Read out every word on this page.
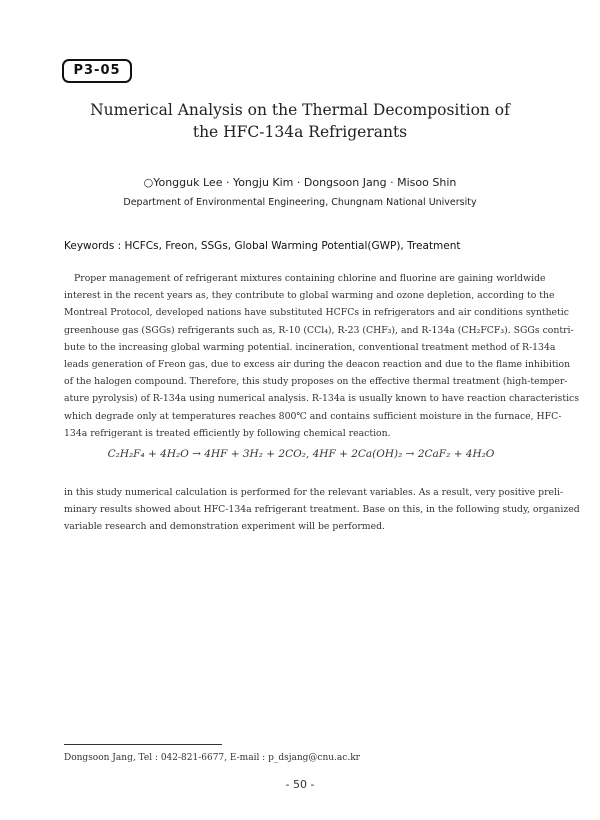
P3-05
Numerical Analysis on the Thermal Decomposition of
the HFC-134a Refrigerants
○Yongguk Lee · Yongju Kim · Dongsoon Jang · Misoo Shin
Department of Environmental Engineering, Chungnam National University
Keywords : HCFCs, Freon, SSGs, Global Warming Potential(GWP), Treatment
Proper management of refrigerant mixtures containing chlorine and fluorine are gaining worldwide
interest in the recent years as, they contribute to global warming and ozone depletion, according to the
Montreal Protocol, developed nations have substituted HCFCs in refrigerators and air conditions synthetic
greenhouse gas (SGGs) refrigerants such as, R-10 (CCl₄), R-23 (CHF₃), and R-134a (CH₂FCF₃). SGGs contri-
bute to the increasing global warming potential. incineration, conventional treatment method of R-134a
leads generation of Freon gas, due to excess air during the deacon reaction and due to the flame inhibition
of the halogen compound. Therefore, this study proposes on the effective thermal treatment (high-temper-
ature pyrolysis) of R-134a using numerical analysis. R-134a is usually known to have reaction characteristics
which degrade only at temperatures reaches 800℃ and contains sufficient moisture in the furnace, HFC-
134a refrigerant is treated efficiently by following chemical reaction.
C₂H₂F₄ + 4H₂O → 4HF + 3H₂ + 2CO₂, 4HF + 2Ca(OH)₂ → 2CaF₂ + 4H₂O
in this study numerical calculation is performed for the relevant variables. As a result, very positive preli-
minary results showed about HFC-134a refrigerant treatment. Base on this, in the following study, organized
variable research and demonstration experiment will be performed.
Dongsoon Jang, Tel : 042-821-6677, E-mail : p_dsjang@cnu.ac.kr
- 50 -
